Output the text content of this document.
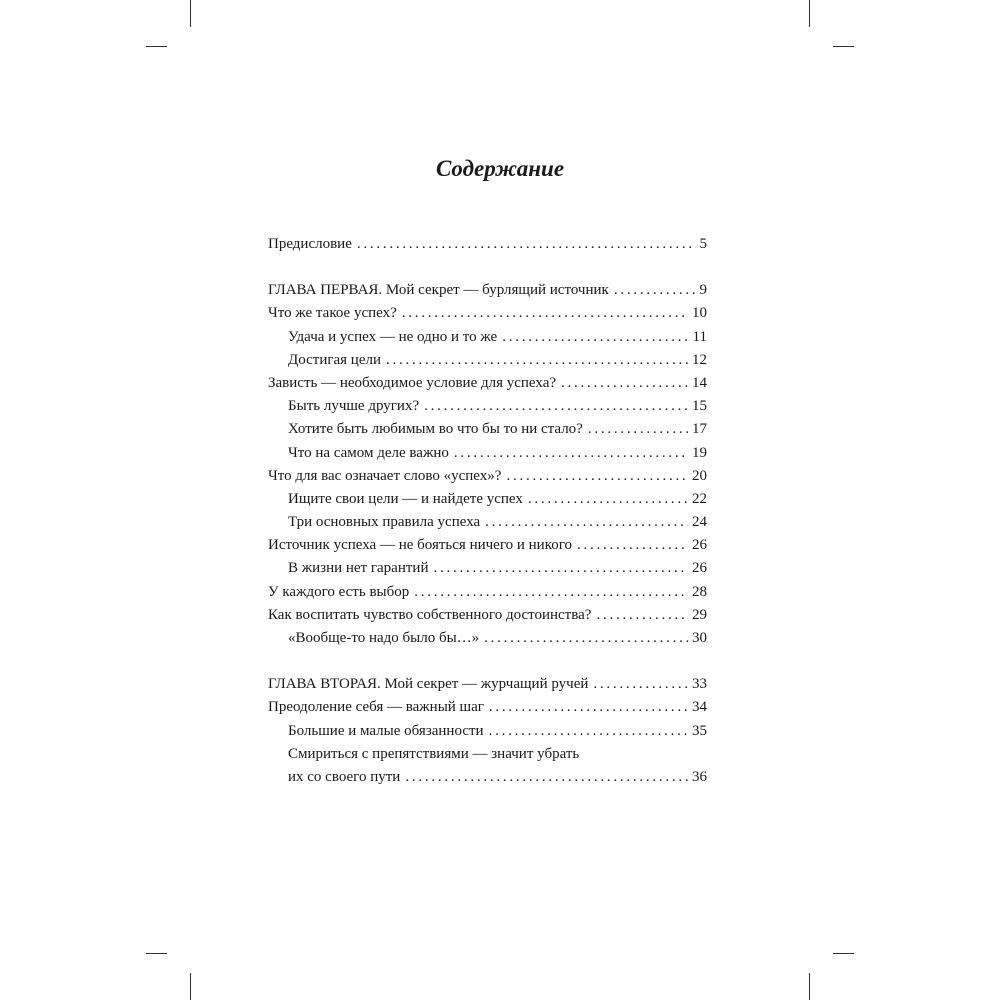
Содержание
Предисловие . . .	5
ГЛАВА ПЕРВАЯ. Мой секрет — бурлящий источник . . .	9
Что же такое успех? . . .	10
Удача и успех — не одно и то же . . .	11
Достигая цели . . .	12
Зависть — необходимое условие для успеха? . . .	14
Быть лучше других? . . .	15
Хотите быть любимым во что бы то ни стало? . . .	17
Что на самом деле важно . . .	19
Что для вас означает слово «успех»? . . .	20
Ищите свои цели — и найдете успех . . .	22
Три основных правила успеха . . .	24
Источник успеха — не бояться ничего и никого . . .	26
В жизни нет гарантий . . .	26
У каждого есть выбор . . .	28
Как воспитать чувство собственного достоинства? . . .	29
«Вообще-то надо было бы…» . . .	30
ГЛАВА ВТОРАЯ. Мой секрет — журчащий ручей . . .	33
Преодоление себя — важный шаг . . .	34
Большие и малые обязанности . . .	35
Смириться с препятствиями — значит убрать
их со своего пути . . .	36
